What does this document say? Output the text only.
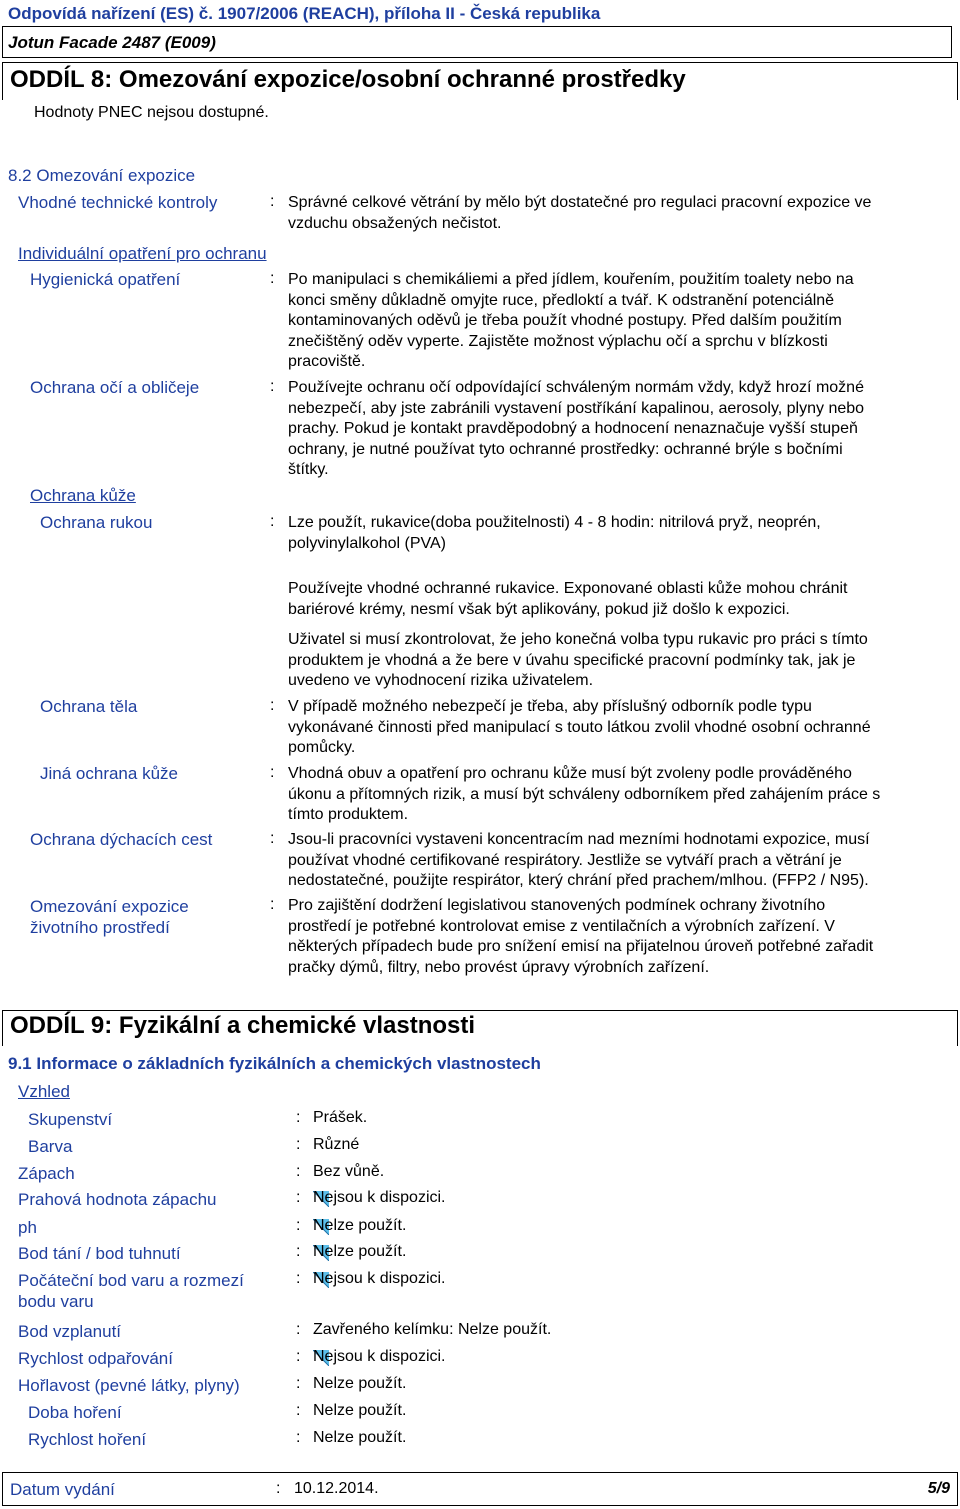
Odpovídá nařízení (ES) č. 1907/2006 (REACH), příloha II - Česká republika
Jotun Facade 2487 (E009)
ODDÍL 8: Omezování expozice/osobní ochranné prostředky
Hodnoty PNEC nejsou dostupné.
8.2 Omezování expozice
Vhodné technické kontroly	: Správné celkové větrání by mělo být dostatečné pro regulaci pracovní expozice ve
vzduchu obsažených nečistot.
Individuální opatření pro ochranu
Hygienická opatření	: Po manipulaci s chemikáliemi a před jídlem, kouřením, použitím toalety nebo na
konci směny důkladně omyjte ruce, předloktí a tvář. K odstranění potenciálně
kontaminovaných oděvů je třeba použít vhodné postupy. Před dalším použitím
znečištěný oděv vyperte. Zajistěte možnost výplachu očí a sprchu v blízkosti
pracoviště.
Ochrana očí a obličeje	: Používejte ochranu očí odpovídající schváleným normám vždy, když hrozí možné
nebezpečí, aby jste zabránili vystavení postříkání kapalinou, aerosoly, plyny nebo
prachy. Pokud je kontakt pravděpodobný a hodnocení nenaznačuje vyšší stupeň
ochrany, je nutné používat tyto ochranné prostředky: ochranné brýle s bočními
štítky.
Ochrana kůže
Ochrana rukou	: Lze použít, rukavice(doba použitelnosti) 4 - 8 hodin: nitrilová pryž, neoprén,
polyvinylalkohol (PVA)
Používejte vhodné ochranné rukavice. Exponované oblasti kůže mohou chránit
bariérové krémy, nesmí však být aplikovány, pokud již došlo k expozici.
Uživatel si musí zkontrolovat, že jeho konečná volba typu rukavic pro práci s tímto
produktem je vhodná a že bere v úvahu specifické pracovní podmínky tak, jak je
uvedeno ve vyhodnocení rizika uživatelem.
Ochrana těla	: V případě možného nebezpečí je třeba, aby příslušný odborník podle typu
vykonávané činnosti před manipulací s touto látkou zvolil vhodné osobní ochranné
pomůcky.
Jiná ochrana kůže	: Vhodná obuv a opatření pro ochranu kůže musí být zvoleny podle prováděného
úkonu a přítomných rizik, a musí být schváleny odborníkem před zahájením práce s
tímto produktem.
Ochrana dýchacích cest	: Jsou-li pracovníci vystaveni koncentracím nad mezními hodnotami expozice, musí
používat vhodné certifikované respirátory. Jestliže se vytváří prach a větrání je
nedostatečné, použijte respirátor, který chrání před prachem/mlhou. (FFP2 / N95).
Omezování expozice
životního prostředí
: Pro zajištění dodržení legislativou stanovených podmínek ochrany životního
prostředí je potřebné kontrolovat emise z ventilačních a výrobních zařízení. V
některých případech bude pro snížení emisí na přijatelnou úroveň potřebné zařadit
pračky dýmů, filtry, nebo provést úpravy výrobních zařízení.
ODDÍL 9: Fyzikální a chemické vlastnosti
9.1 Informace o základních fyzikálních a chemických vlastnostech
Vzhled
Skupenství	: Prášek.
Barva	: Různé
Zápach	: Bez vůně.
Prahová hodnota zápachu	: Nejsou k dispozici.
ph	: Nelze použít.
Bod tání / bod tuhnutí	: Nelze použít.
Počáteční bod varu a rozmezí
bodu varu
: Nejsou k dispozici.
Bod vzplanutí	: Zavřeného kelímku: Nelze použít.
Rychlost odpařování	: Nejsou k dispozici.
Hořlavost (pevné látky, plyny)	: Nelze použít.
Doba hoření	: Nelze použít.
Rychlost hoření	: Nelze použít.
Datum vydání	: 10.12.2014.	5/9
